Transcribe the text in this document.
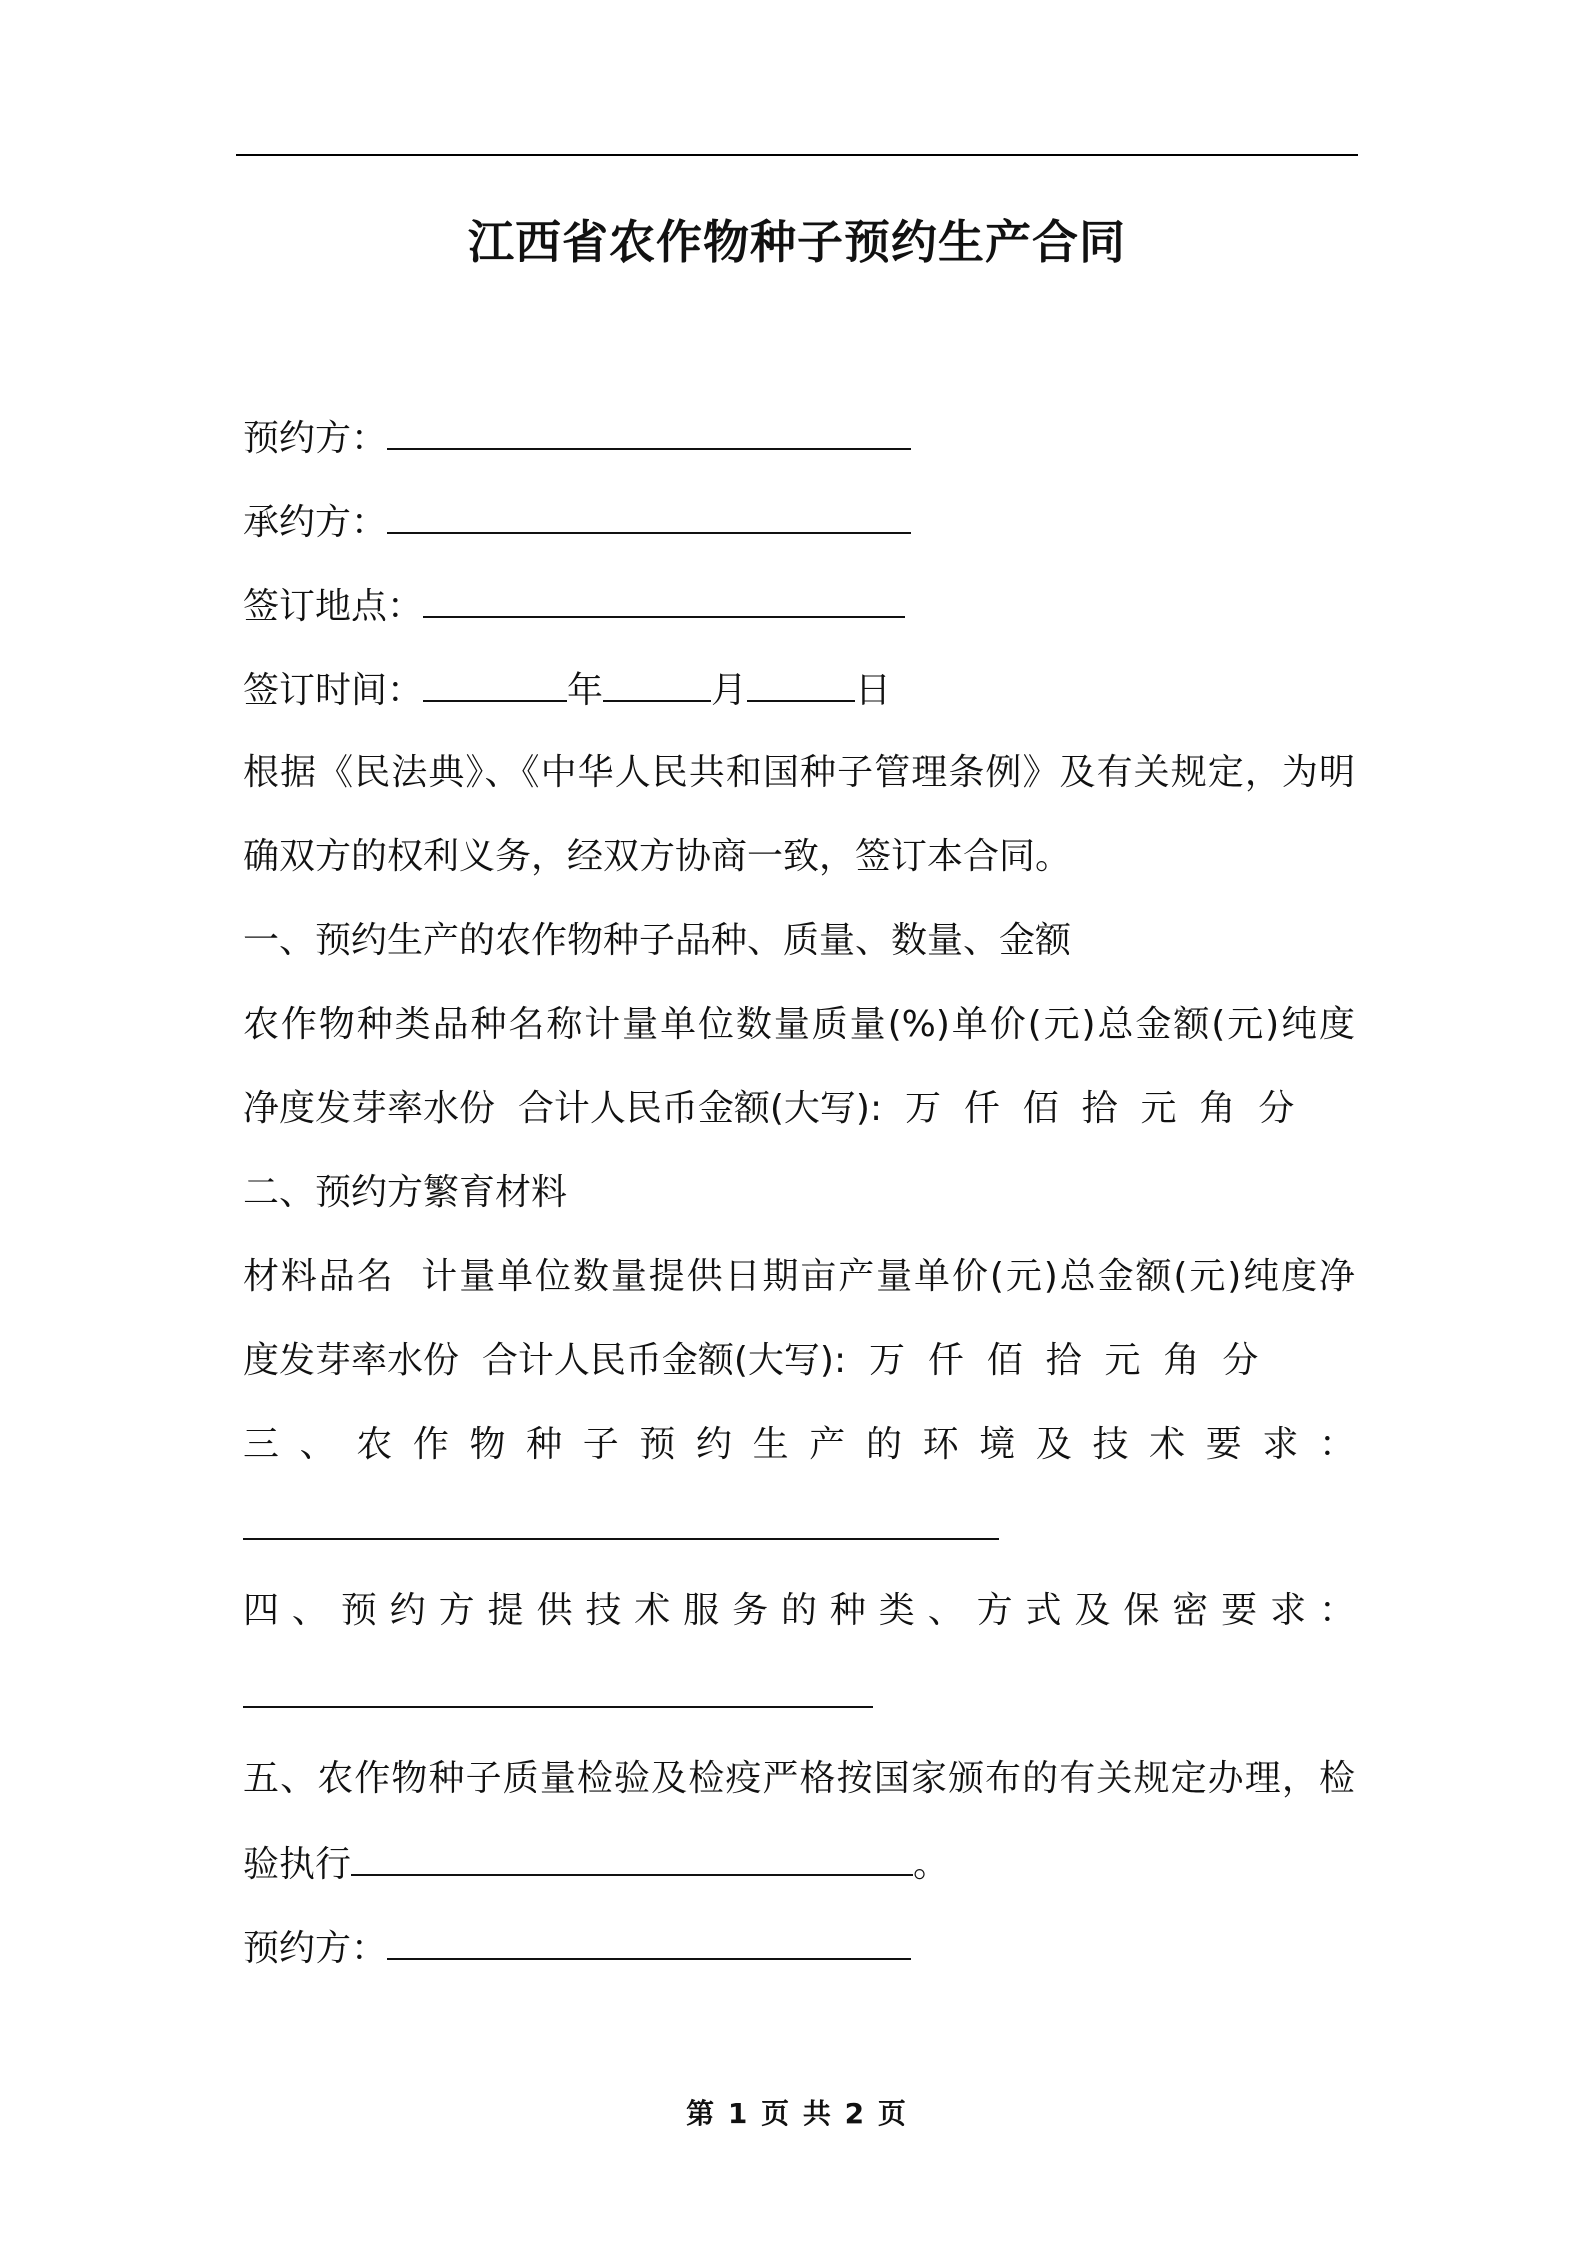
江西省农作物种子预约生产合同

预约方：

承约方：

签订地点：

签订时间：	年	月	日

根据《民法典》、《中华人民共和国种子管理条例》及有关规定，为明

确双方的权利义务，经双方协商一致，签订本合同。

一、预约生产的农作物种子品种、质量、数量、金额

农作物种类品种名称计量单位数量质量(%)单价(元)总金额(元)纯度

净度发芽率水份  合计人民币金额(大写):  万  仟  佰  拾  元  角  分

二、预约方繁育材料

材料品名  计量单位数量提供日期亩产量单价(元)总金额(元)纯度净

度发芽率水份  合计人民币金额(大写):  万  仟  佰  拾  元  角  分

三、农作物种子预约生产的环境及技术要求：

四、预约方提供技术服务的种类、方式及保密要求：

五、农作物种子质量检验及检疫严格按国家颁布的有关规定办理，检

验执行	。

预约方：

第 1 页 共 2 页
